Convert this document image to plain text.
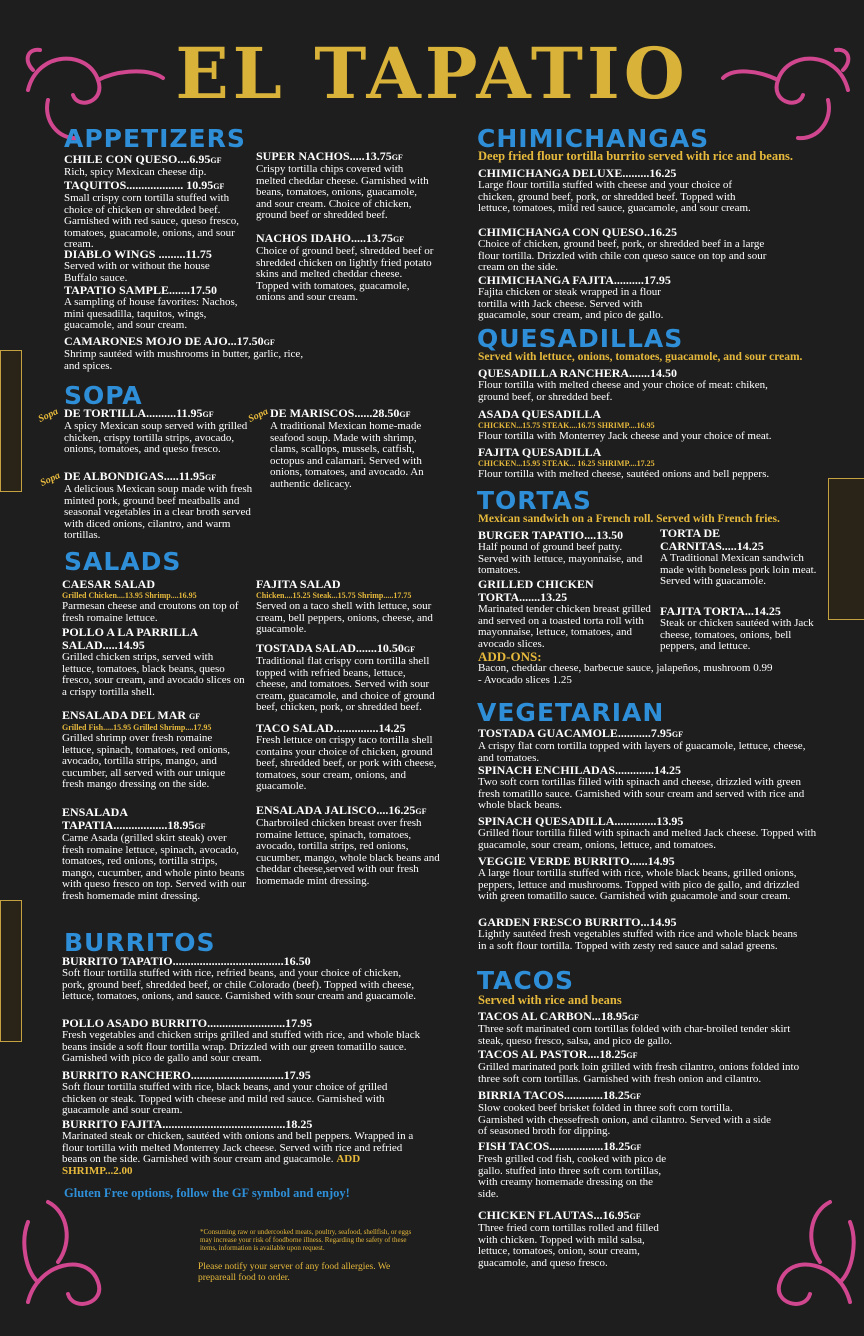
EL TAPATIO
APPETIZERS
CHILE CON QUESO....6.95GF
Rich, spicy Mexican cheese dip.
TAQUITOS................... 10.95GF
Small crispy corn tortilla stuffed with choice of chicken or shredded beef. Garnished with red sauce, queso fresco, tomatoes, guacamole, onions, and sour cream.
DIABLO WINGS .........11.75
Served with or without the house Buffalo sauce.
TAPATIO SAMPLE.......17.50
A sampling of house favorites: Nachos, mini quesadilla, taquitos, wings, guacamole, and sour cream.
SUPER NACHOS.....13.75GF
Crispy tortilla chips covered with melted cheddar cheese. Garnished with beans, tomatoes, onions, guacamole, and sour cream. Choice of chicken, ground beef or shredded beef.
NACHOS IDAHO.....13.75GF
Choice of ground beef, shredded beef or shredded chicken on lightly fried potato skins and melted cheddar cheese. Topped with tomatoes, guacamole, onions and sour cream.
CAMARONES MOJO DE AJO...17.50GF
Shrimp sautéed with mushrooms in butter, garlic, rice, and spices.
SOPA
Sopa
Sopa
Sopa
DE TORTILLA..........11.95GF
A spicy Mexican soup served with grilled chicken, crispy tortilla strips, avocado, onions, tomatoes, and queso fresco.
DE ALBONDIGAS.....11.95GF
A delicious Mexican soup made with fresh minted pork, ground beef meatballs and seasonal vegetables in a clear broth served with diced onions, cilantro, and warm tortillas.
DE MARISCOS......28.50GF
A traditional Mexican home-made seafood soup. Made with shrimp, clams, scallops, mussels, catfish, octopus and calamari. Served with onions, tomatoes, and avocado. An authentic delicacy.
SALADS
CAESAR SALAD
Grilled Chicken....13.95 Shrimp....16.95
Parmesan cheese and croutons on top of fresh romaine lettuce.
POLLO A LA PARRILLA SALAD.....14.95
Grilled chicken strips, served with lettuce, tomatoes, black beans, queso fresco, sour cream, and avocado slices on a crispy tortilla shell.
ENSALADA DEL MAR GF
Grilled Fish.....15.95 Grilled Shrimp....17.95
Grilled shrimp over fresh romaine lettuce, spinach, tomatoes, red onions, avocado, tortilla strips, mango, and cucumber, all served with our unique fresh mango dressing on the side.
ENSALADA TAPATIA..................18.95GF
Carne Asada (grilled skirt steak) over fresh romaine lettuce, spinach, avocado, tomatoes, red onions, tortilla strips, mango, cucumber, and whole pinto beans with queso fresco on top. Served with our fresh homemade mint dressing.
FAJITA SALAD
Chicken....15.25 Steak...15.75 Shrimp.....17.75
Served on a taco shell with lettuce, sour cream, bell peppers, onions, cheese, and guacamole.
TOSTADA SALAD.......10.50GF
Traditional flat crispy corn tortilla shell topped with refried beans, lettuce, cheese, and tomatoes. Served with sour cream, guacamole, and choice of ground beef, chicken, pork, or shredded beef.
TACO SALAD...............14.25
Fresh lettuce on crispy taco tortilla shell contains your choice of chicken, ground beef, shredded beef, or pork with cheese, tomatoes, sour cream, onions, and guacamole.
ENSALADA JALISCO....16.25GF
Charbroiled chicken breast over fresh romaine lettuce, spinach, tomatoes, avocado, tortilla strips, red onions, cucumber, mango, whole black beans and cheddar cheese,served with our fresh homemade mint dressing.
BURRITOS
BURRITO TAPATIO.....................................16.50
Soft flour tortilla stuffed with rice, refried beans, and your choice of chicken, pork, ground beef, shredded beef, or chile Colorado (beef). Topped with cheese, lettuce, tomatoes, onions, and sauce. Garnished with sour cream and guacamole.
POLLO ASADO BURRITO..........................17.95
Fresh vegetables and chicken strips grilled and stuffed with rice, and whole black beans inside a soft flour tortilla wrap. Drizzled with our green tomatillo sauce. Garnished with pico de gallo and sour cream.
BURRITO RANCHERO...............................17.95
Soft flour tortilla stuffed with rice, black beans, and your choice of grilled chicken or steak. Topped with cheese and mild red sauce. Garnished with guacamole and sour cream.
BURRITO FAJITA.........................................18.25
Marinated steak or chicken, sautéed with onions and bell peppers. Wrapped in a flour tortilla with melted Monterrey Jack cheese. Served with rice and refried beans on the side. Garnished with sour cream and guacamole. ADD SHRIMP...2.00
Gluten Free options, follow the GF symbol and enjoy!
*Consuming raw or undercooked meats, poultry, seafood, shellfish, or eggs may increase your risk of foodborne illness. Regarding the safety of these items, information is available upon request.
Please notify your server of any food allergies. We prepareall food to order.
CHIMICHANGAS
Deep fried flour tortilla burrito served with rice and beans.
CHIMICHANGA DELUXE.........16.25
Large flour tortilla stuffed with cheese and your choice of chicken, ground beef, pork, or shredded beef. Topped with lettuce, tomatoes, mild red sauce, guacamole, and sour cream.
CHIMICHANGA CON QUESO..16.25
Choice of chicken, ground beef, pork, or shredded beef in a large flour tortilla. Drizzled with chile con queso sauce on top and sour cream on the side.
CHIMICHANGA FAJITA..........17.95
Fajita chicken or steak wrapped in a flour tortilla with Jack cheese. Served with guacamole, sour cream, and pico de gallo.
QUESADILLAS
Served with lettuce, onions, tomatoes, guacamole, and sour cream.
QUESADILLA RANCHERA.......14.50
Flour tortilla with melted cheese and your choice of meat: chiken, ground beef, or shredded beef.
ASADA QUESADILLA
CHICKEN...15.75 STEAK....16.75 SHRIMP....16.95
Flour tortilla with Monterrey Jack cheese and your choice of meat.
FAJITA QUESADILLA
CHICKEN...15.95 STEAK... 16.25 SHRIMP....17.25
Flour tortilla with melted cheese, sautéed onions and bell peppers.
TORTAS
Mexican sandwich on a French roll. Served with French fries.
BURGER TAPATIO....13.50
Half pound of ground beef patty. Served with lettuce, mayonnaise, and tomatoes.
GRILLED CHICKEN TORTA.......13.25
Marinated tender chicken breast grilled and served on a toasted torta roll with mayonnaise, lettuce, tomatoes, and avocado slices.
TORTA DE CARNITAS.....14.25
A Traditional Mexican sandwich made with boneless pork loin meat. Served with guacamole.
FAJITA TORTA...14.25
Steak or chicken sautéed with Jack cheese, tomatoes, onions, bell peppers, and lettuce.
ADD-ONS:
Bacon, cheddar cheese, barbecue sauce, jalapeños, mushroom 0.99 - Avocado slices 1.25
VEGETARIAN
TOSTADA GUACAMOLE...........7.95GF
A crispy flat corn tortilla topped with layers of guacamole, lettuce, cheese, and tomatoes.
SPINACH ENCHILADAS.............14.25
Two soft corn tortillas filled with spinach and cheese, drizzled with green fresh tomatillo sauce. Garnished with sour cream and served with rice and whole black beans.
SPINACH QUESADILLA..............13.95
Grilled flour tortilla filled with spinach and melted Jack cheese. Topped with guacamole, sour cream, onions, lettuce, and tomatoes.
VEGGIE VERDE BURRITO......14.95
A large flour tortilla stuffed with rice, whole black beans, grilled onions, peppers, lettuce and mushrooms. Topped with pico de gallo, and drizzled with green tomatillo sauce. Garnished with guacamole and sour cream.
GARDEN FRESCO BURRITO...14.95
Lightly sautéed fresh vegetables stuffed with rice and whole black beans in a soft flour tortilla. Topped with zesty red sauce and salad greens.
TACOS
Served with rice and beans
TACOS AL CARBON...18.95GF
Three soft marinated corn tortillas folded with char-broiled tender skirt steak, queso fresco, salsa, and pico de gallo.
TACOS AL PASTOR....18.25GF
Grilled marinated pork loin grilled with fresh cilantro, onions folded into three soft corn tortillas. Garnished with fresh onion and cilantro.
BIRRIA TACOS.............18.25GF
Slow cooked beef brisket folded in three soft corn tortilla. Garnished with chessefresh onion, and cilantro. Served with a side of seasoned broth for dipping.
FISH TACOS..................18.25GF
Fresh grilled cod fish, cooked with pico de gallo. stuffed into three soft corn tortillas, with creamy homemade dressing on the side.
CHICKEN FLAUTAS...16.95GF
Three fried corn tortillas rolled and filled with chicken. Topped with mild salsa, lettuce, tomatoes, onion, sour cream, guacamole, and queso fresco.
